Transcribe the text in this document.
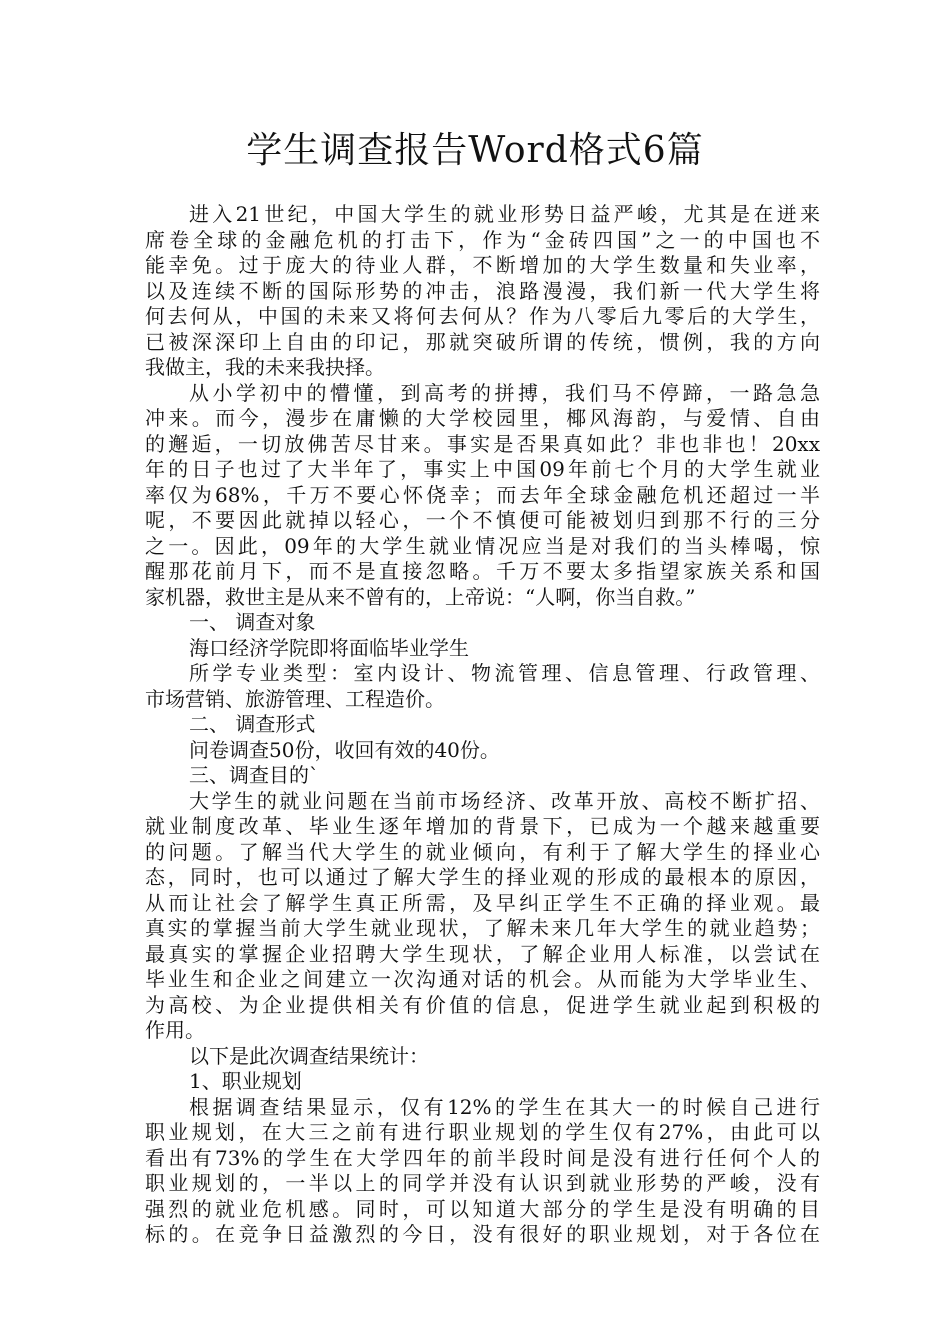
学生调查报告Word格式6篇
进入21世纪，中国大学生的就业形势日益严峻，尤其是在迸来
席卷全球的金融危机的打击下，作为“金砖四国”之一的中国也不
能幸免。过于庞大的待业人群，不断增加的大学生数量和失业率，
以及连续不断的国际形势的冲击，浪路漫漫，我们新一代大学生将
何去何从，中国的未来又将何去何从？作为八零后九零后的大学生，
已被深深印上自由的印记，那就突破所谓的传统，惯例，我的方向
我做主，我的未来我抉择。
从小学初中的懵懂，到高考的拼搏，我们马不停蹄，一路急急
冲来。而今，漫步在庸懒的大学校园里，椰风海韵，与爱情、自由
的邂逅，一切放佛苦尽甘来。事实是否果真如此？非也非也！20xx
年的日子也过了大半年了，事实上中国09年前七个月的大学生就业
率仅为68%，千万不要心怀侥幸；而去年全球金融危机还超过一半
呢，不要因此就掉以轻心，一个不慎便可能被划归到那不行的三分
之一。因此，09年的大学生就业情况应当是对我们的当头棒喝，惊
醒那花前月下，而不是直接忽略。千万不要太多指望家族关系和国
家机器，救世主是从来不曾有的，上帝说：“人啊，你当自救。”
一、 调查对象
海口经济学院即将面临毕业学生
所学专业类型：室内设计、物流管理、信息管理、行政管理、
市场营销、旅游管理、工程造价。
二、 调查形式
问卷调查50份，收回有效的40份。
三、调查目的`
大学生的就业问题在当前市场经济、改革开放、高校不断扩招、
就业制度改革、毕业生逐年增加的背景下，已成为一个越来越重要
的问题。了解当代大学生的就业倾向，有利于了解大学生的择业心
态，同时，也可以通过了解大学生的择业观的形成的最根本的原因，
从而让社会了解学生真正所需，及早纠正学生不正确的择业观。最
真实的掌握当前大学生就业现状，了解未来几年大学生的就业趋势；
最真实的掌握企业招聘大学生现状，了解企业用人标准，以尝试在
毕业生和企业之间建立一次沟通对话的机会。从而能为大学毕业生、
为高校、为企业提供相关有价值的信息，促进学生就业起到积极的
作用。
以下是此次调查结果统计：
1、职业规划
根据调查结果显示，仅有12%的学生在其大一的时候自己进行
职业规划，在大三之前有进行职业规划的学生仅有27%，由此可以
看出有73%的学生在大学四年的前半段时间是没有进行任何个人的
职业规划的，一半以上的同学并没有认识到就业形势的严峻，没有
强烈的就业危机感。同时，可以知道大部分的学生是没有明确的目
标的。在竞争日益激烈的今日，没有很好的职业规划，对于各位在
